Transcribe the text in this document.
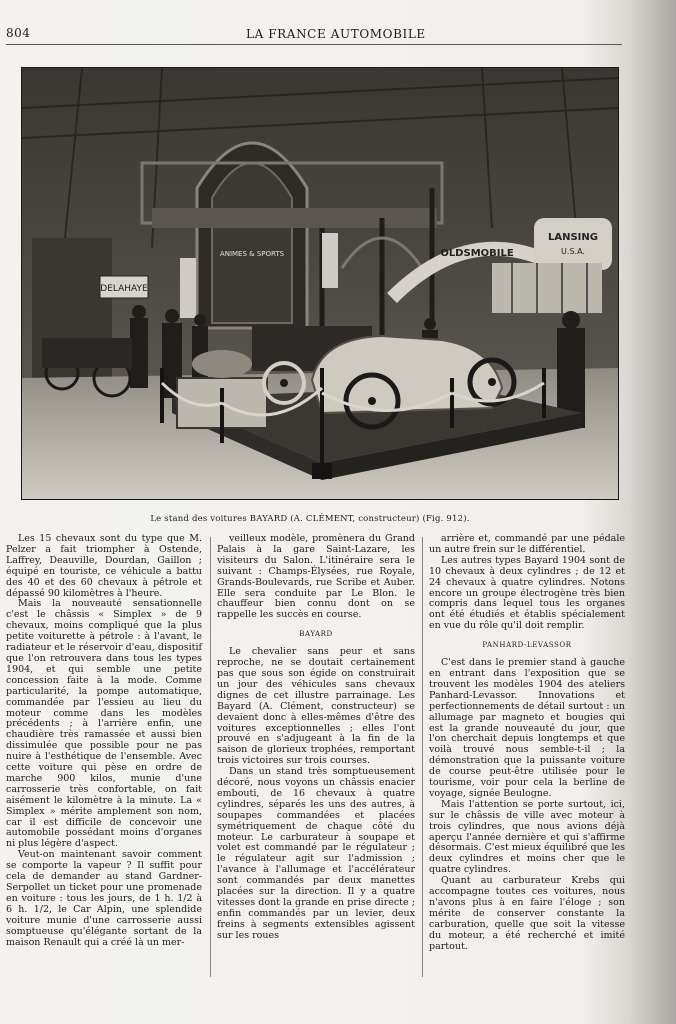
804	LA FRANCE AUTOMOBILE
DELAHAYE
ANIMES & SPORTS	OLDSMOBILE
LANSING
U.S.A.
Le stand des voitures BAYARD (A. CLÉMENT, constructeur) (Fig. 912).

Les 15 chevaux sont du type que M. Pelzer a fait triompher à Ostende, Laffrey, Deauville, Dourdan, Gaillon ; équipé en touriste, ce véhicule a battu des 40 et des 60 chevaux à pétrole et dépassé 90 kilomètres à l'heure.

Mais la nouveauté sensationnelle c'est le châssis « Simplex » de 9 chevaux, moins compliqué que la plus petite voiturette à pétrole : à l'avant, le radiateur et le réservoir d'eau, dispositif que l'on retrouvera dans tous les types 1904, et qui semble une petite concession faite à la mode. Comme particularité, la pompe automatique, commandée par l'essieu au lieu du moteur comme dans les modèles précédents ; à l'arrière enfin, une chaudière très ramassée et aussi bien dissimulée que possible pour ne pas nuire à l'esthétique de l'ensemble. Avec cette voiture qui pèse en ordre de marche 900 kilos, munie d'une carrosserie très confortable, on fait aisément le kilomètre à la minute. La « Simplex » mérite amplement son nom, car il est difficile de concevoir une automobile possédant moins d'organes ni plus légère d'aspect.

Veut-on maintenant savoir comment se comporte la vapeur ? Il suffit pour cela de demander au stand Gardner-Serpollet un ticket pour une promenade en voiture : tous les jours, de 1 h. 1/2 à 6 h. 1/2, le Car Alpin, une splendide voiture munie d'une carrosserie aussi somptueuse qu'élégante sortant de la maison Renault qui a créé là un mer-

veilleux modèle, promènera du Grand Palais à la gare Saint-Lazare, les visiteurs du Salon. L'itinéraire sera le suivant : Champs-Élysées, rue Royale, Grands-Boulevards, rue Scribe et Auber. Elle sera conduite par Le Blon. le chauffeur bien connu dont on se rappelle les succès en course.

BAYARD

Le chevalier sans peur et sans reproche, ne se doutait certainement pas que sous son égide on construirait un jour des véhicules sans chevaux dignes de cet illustre parrainage. Les Bayard (A. Clément, constructeur) se devaient donc à elles-mêmes d'être des voitures exceptionnelles ; elles l'ont prouvé en s'adjugeant à la fin de la saison de glorieux trophées, remportant trois victoires sur trois courses.

Dans un stand très somptueusement décoré, nous voyons un châssis enacier embouti, de 16 chevaux à quatre cylindres, séparés les uns des autres, à soupapes commandées et placées symétriquement de chaque côté du moteur. Le carburateur à soupape et volet est commandé par le régulateur ; le régulateur agit sur l'admission ; l'avance à l'allumage et l'accélérateur sont commandés par deux manettes placées sur la direction. Il y a quatre vitesses dont la grande en prise directe ; enfin commandés par un levier, deux freins à segments extensibles agissent sur les roues

arrière et, commandé par une pédale un autre frein sur le différentiel.

Les autres types Bayard 1904 sont de 10 chevaux à deux cylindres ; de 12 et 24 chevaux à quatre cylindres. Notons encore un groupe électrogène très bien compris dans lequel tous les organes ont été étudiés et établis spécialement en vue du rôle qu'il doit remplir.

PANHARD-LEVASSOR

C'est dans le premier stand à gauche en entrant dans l'exposition que se trouvent les modèles 1904 des ateliers Panhard-Levassor. Innovations et perfectionnements de détail surtout : un allumage par magneto et bougies qui est la grande nouveauté du jour, que l'on cherchait depuis longtemps et que voilà trouvé nous semble-t-il ; la démonstration que la puissante voiture de course peut-être utilisée pour le tourisme, voir pour cela la berline de voyage, signée Beulogne.

Mais l'attention se porte surtout, ici, sur le châssis de ville avec moteur à trois cylindres, que nous avions déjà aperçu l'année dernière et qui s'affirme désormais. C'est mieux équilibré que les deux cylindres et moins cher que le quatre cylindres.

Quant au carburateur Krebs qui accompagne toutes ces voitures, nous n'avons plus à en faire l'éloge ; son mérite de conserver constante la carburation, quelle que soit la vitesse du moteur, a été recherché et imité partout.
